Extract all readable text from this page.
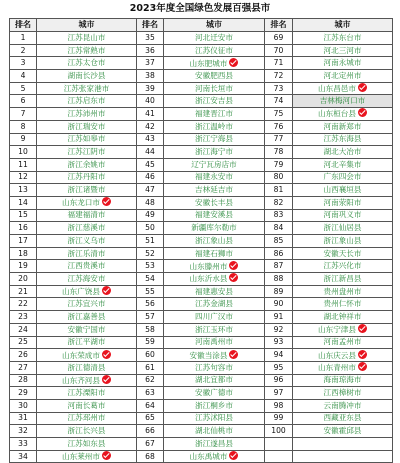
2023年度全国绿色发展百强县市
排名	城市	排名	城市	排名	城市
1	江苏昆山市	35	河北迁安市	69	江苏东台市
2	江苏常熟市	36	江苏仪征市	70	河北三河市
3	江苏太仓市	37	山东肥城市	71	河南永城市
4	湖南长沙县	38	安徽肥西县	72	河北定州市
5	江苏张家港市	39	河南长垣市	73	山东昌邑市
6	江苏启东市	40	浙江安吉县	74	吉林梅河口市
7	江苏沛州市	41	福建晋江市	75	山东桓台县
8	浙江瑞安市	42	浙江温岭市	76	河南新郑市
9	江苏如皋市	43	浙江宁海县	77	江苏东海县
10	江苏江阴市	44	浙江海宁市	78	湖北大冶市
11	浙江余姚市	45	辽宁瓦房店市	79	河北辛集市
12	江苏丹阳市	46	福建永安市	80	广东四会市
13	浙江诸暨市	47	吉林延吉市	81	山西襄垣县
14	山东龙口市	48	安徽长丰县	82	河南荥阳市
15	福建福清市	49	福建安溪县	83	河南巩义市
16	浙江慈溪市	50	新疆库尔勒市	84	浙江仙居县
17	浙江义乌市	51	浙江象山县	85	浙江象山县
18	浙江乐清市	52	福建石狮市	86	安徽天长市
19	江西贵溪市	53	山东滕州市	87	江苏兴化市
20	江苏海安市	54	山东沂水县	88	浙江新昌县
21	山东广饶县	55	福建惠安县	89	贵州盘州市
22	江苏宜兴市	56	江苏金湖县	90	贵州仁怀市
23	浙江嘉善县	57	四川广汉市	91	湖北钟祥市
24	安徽宁国市	58	浙江玉环市	92	山东宁津县
25	浙江平湖市	59	河南禹州市	93	河南孟州市
26	山东荣成市	60	安徽当涂县	94	山东庆云县
27	浙江德清县	61	江苏句容市	95	山东青州市
28	山东齐河县	62	湖北宜都市	96	海南琼海市
29	江苏溧阳市	63	安徽广德市	97	江西樟树市
30	河南长葛市	64	浙江桐乡市	98	云南腾冲市
31	江苏邳州市	65	江苏沭阳县	99	西藏亚东县
32	浙江长兴县	66	湖北仙桃市	100	安徽霍邱县
33	江苏如东县	67	浙江遂昌县		
34	山东莱州市	68	山东禹城市		
